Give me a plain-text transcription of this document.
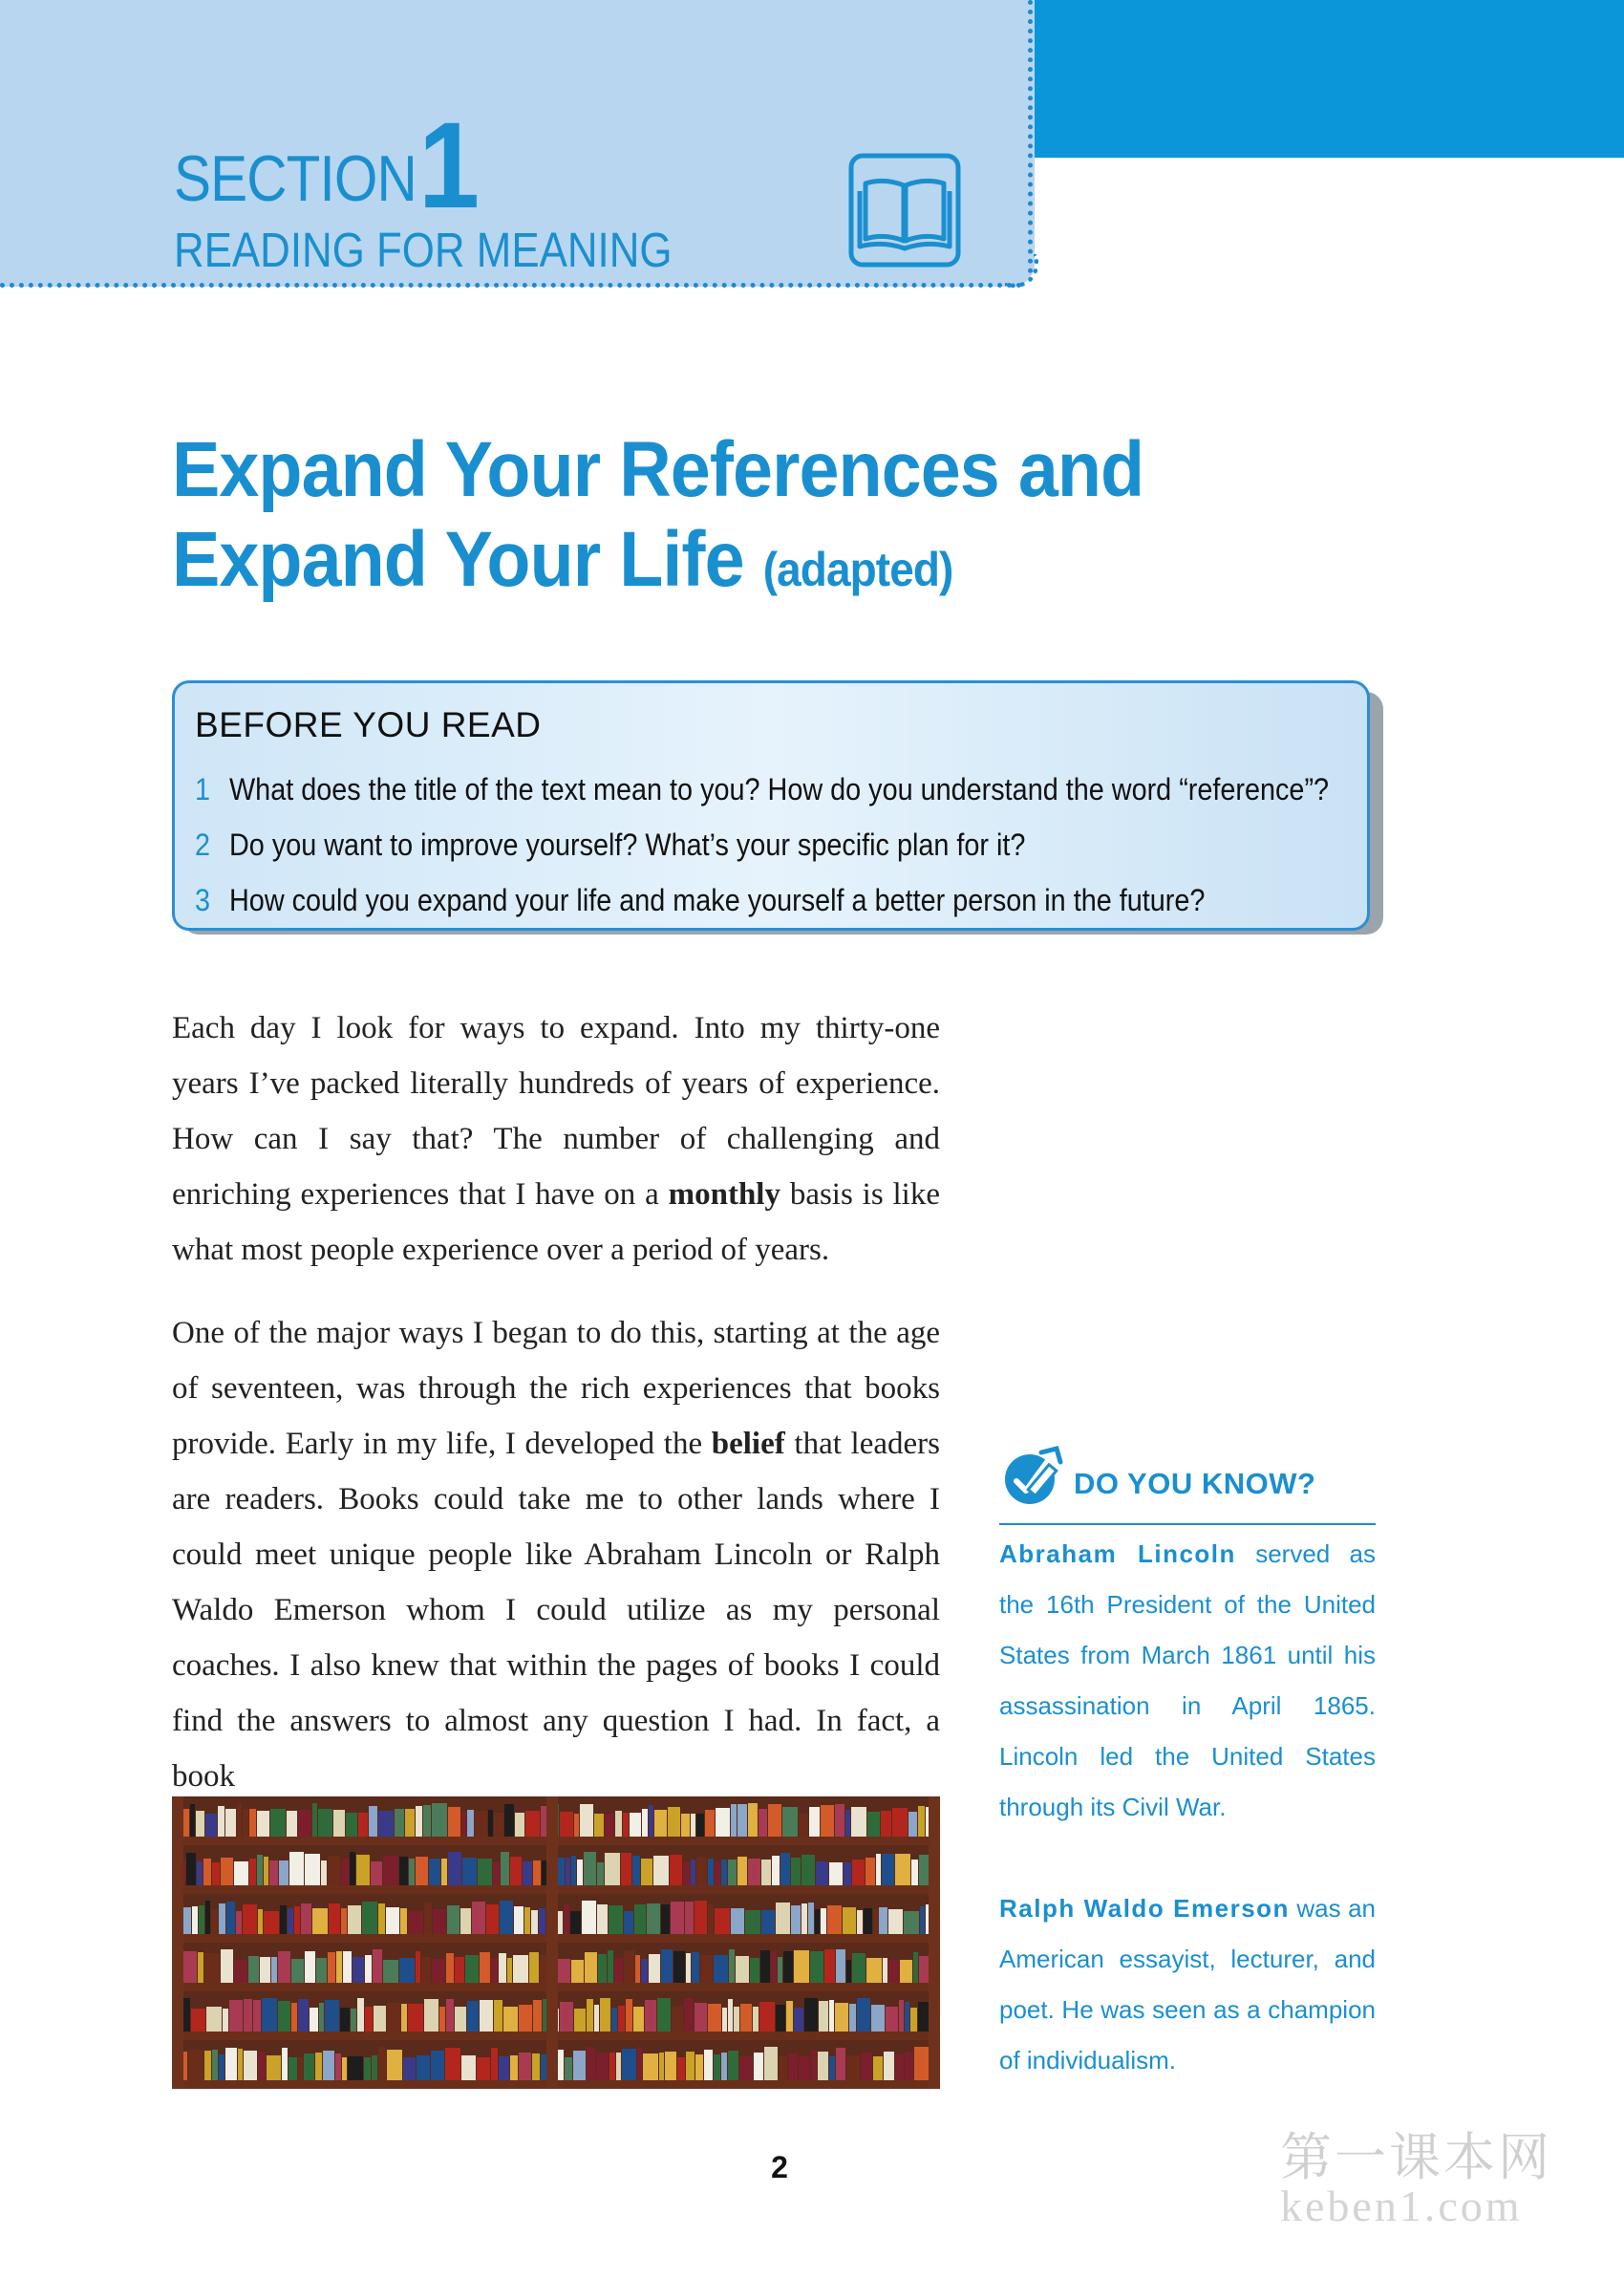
SECTION 1
READING FOR MEANING
Expand Your References and
Expand Your Life (adapted)
BEFORE YOU READ
1 What does the title of the text mean to you? How do you understand the word “reference”?
2 Do you want to improve yourself? What’s your specific plan for it?
3 How could you expand your life and make yourself a better person in the future?

Each day I look for ways to expand. Into my thirty-one years I’ve packed literally hundreds of years of experience. How can I say that? The number of challenging and enriching experiences that I have on a monthly basis is like what most people experience over a period of years.

One of the major ways I began to do this, starting at the age of seventeen, was through the rich experiences that books provide. Early in my life, I developed the belief that leaders are readers. Books could take me to other lands where I could meet unique people like Abraham Lincoln or Ralph Waldo Emerson whom I could utilize as my personal coaches. I also knew that within the pages of books I could find the answers to almost any question I had. In fact, a book

DO YOU KNOW?
Abraham Lincoln served as the 16th President of the United States from March 1861 until his assassination in April 1865. Lincoln led the United States through its Civil War.
Ralph Waldo Emerson was an American essayist, lecturer, and poet. He was seen as a champion of individualism.
2	第一课本网
keben1.com
